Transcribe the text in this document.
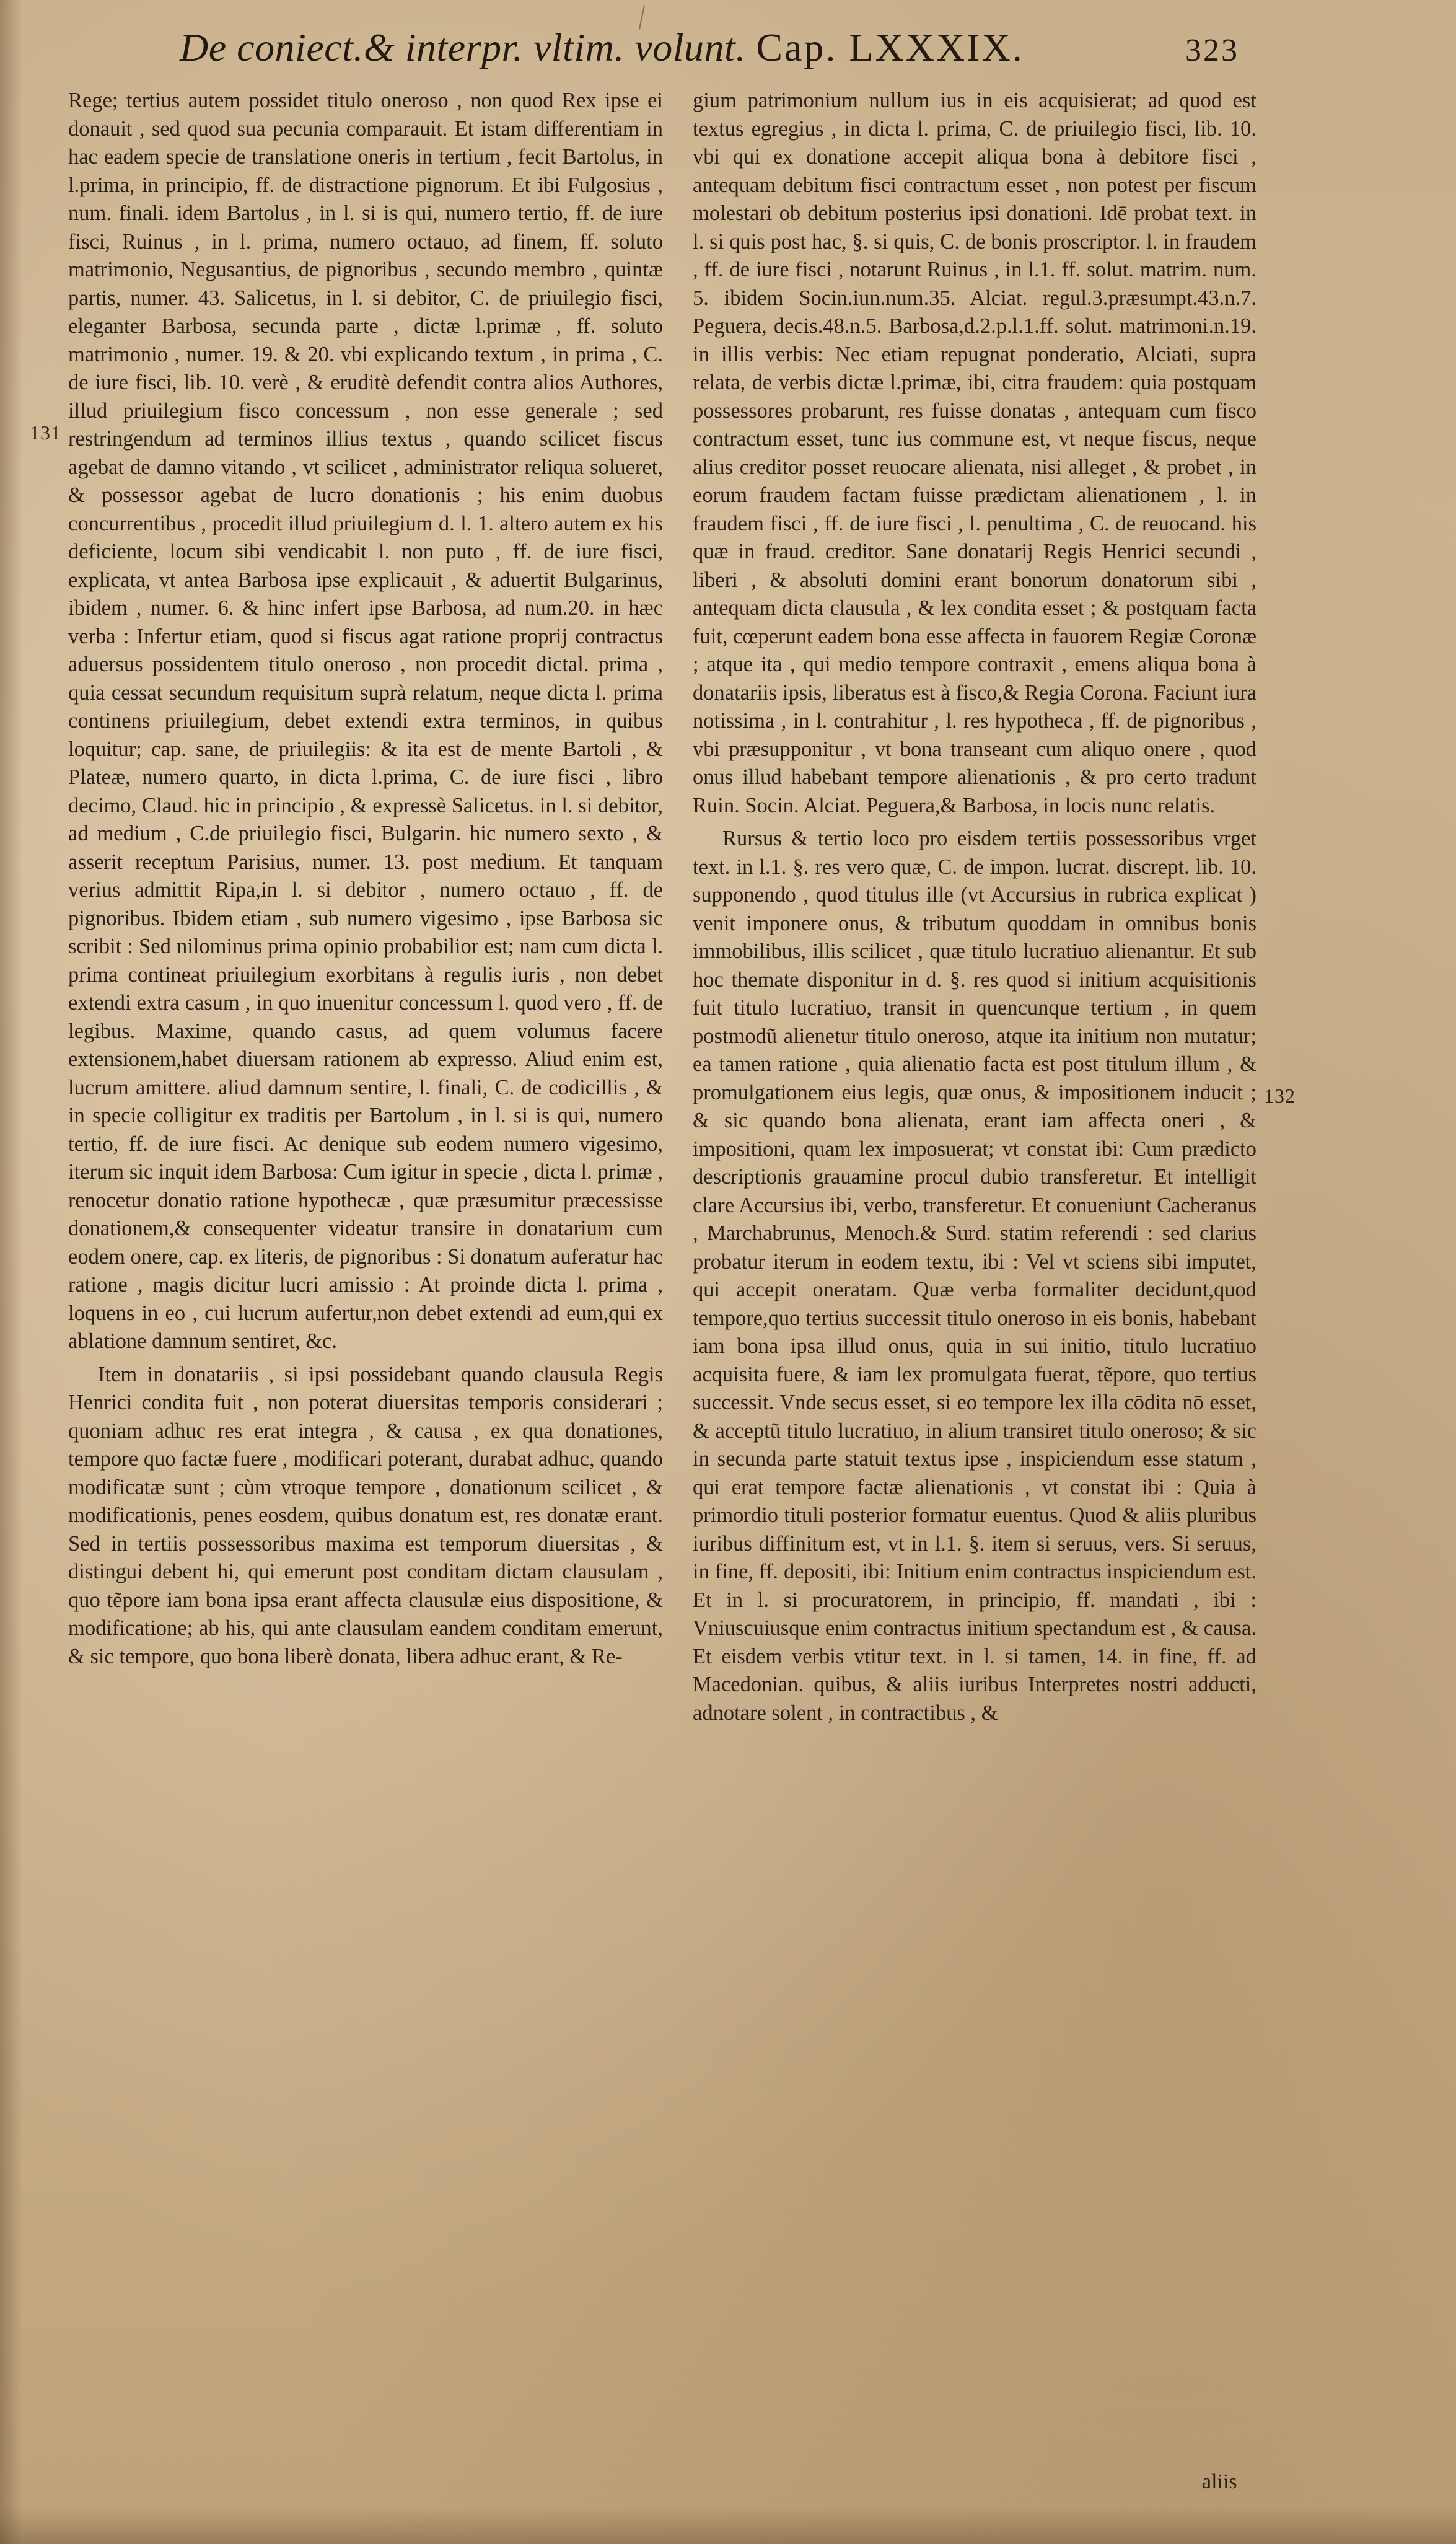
De coniect.& interpr. vltim. volunt. Cap. LXXXIX.	323
131
132

Rege; tertius autem possidet titulo oneroso , non quod Rex ipse ei donauit , sed quod sua pecunia comparauit. Et istam differentiam in hac eadem specie de translatione oneris in tertium , fecit Bartolus, in l.prima, in principio, ff. de distractione pignorum. Et ibi Fulgosius , num. finali. idem Bartolus , in l. si is qui, numero tertio, ff. de iure fisci, Ruinus , in l. prima, numero octauo, ad finem, ff. soluto matrimonio, Negusantius, de pignoribus , secundo membro , quintæ partis, numer. 43. Salicetus, in l. si debitor, C. de priuilegio fisci, eleganter Barbosa, secunda parte , dictæ l.primæ , ff. soluto matrimonio , numer. 19. & 20. vbi explicando textum , in prima , C. de iure fisci, lib. 10. verè , & eruditè defendit contra alios Authores, illud priuilegium fisco concessum , non esse generale ; sed restringendum ad terminos illius textus , quando scilicet fiscus agebat de damno vitando , vt scilicet , administrator reliqua solueret, & possessor agebat de lucro donationis ; his enim duobus concurrentibus , procedit illud priuilegium d. l. 1. altero autem ex his deficiente, locum sibi vendicabit l. non puto , ff. de iure fisci, explicata, vt antea Barbosa ipse explicauit , & aduertit Bulgarinus, ibidem , numer. 6. & hinc infert ipse Barbosa, ad num.20. in hæc verba : Infertur etiam, quod si fiscus agat ratione proprij contractus aduersus possidentem titulo oneroso , non procedit dictal. prima , quia cessat secundum requisitum suprà relatum, neque dicta l. prima continens priuilegium, debet extendi extra terminos, in quibus loquitur; cap. sane, de priuilegiis: & ita est de mente Bartoli , & Plateæ, numero quarto, in dicta l.prima, C. de iure fisci , libro decimo, Claud. hic in principio , & expressè Salicetus. in l. si debitor, ad medium , C.de priuilegio fisci, Bulgarin. hic numero sexto , & asserit receptum Parisius, numer. 13. post medium. Et tanquam verius admittit Ripa,in l. si debitor , numero octauo , ff. de pignoribus. Ibidem etiam , sub numero vigesimo , ipse Barbosa sic scribit : Sed nilominus prima opinio probabilior est; nam cum dicta l. prima contineat priuilegium exorbitans à regulis iuris , non debet extendi extra casum , in quo inuenitur concessum l. quod vero , ff. de legibus. Maxime, quando casus, ad quem volumus facere extensionem,habet diuersam rationem ab expresso. Aliud enim est, lucrum amittere. aliud damnum sentire, l. finali, C. de codicillis , & in specie colligitur ex traditis per Bartolum , in l. si is qui, numero tertio, ff. de iure fisci. Ac denique sub eodem numero vigesimo, iterum sic inquit idem Barbosa: Cum igitur in specie , dicta l. primæ , renocetur donatio ratione hypothecæ , quæ præsumitur præcessisse donationem,& consequenter videatur transire in donatarium cum eodem onere, cap. ex literis, de pignoribus : Si donatum auferatur hac ratione , magis dicitur lucri amissio : At proinde dicta l. prima , loquens in eo , cui lucrum aufertur,non debet extendi ad eum,qui ex ablatione damnum sentiret, &c.

Item in donatariis , si ipsi possidebant quando clausula Regis Henrici condita fuit , non poterat diuersitas temporis considerari ; quoniam adhuc res erat integra , & causa , ex qua donationes, tempore quo factæ fuere , modificari poterant, durabat adhuc, quando modificatæ sunt ; cùm vtroque tempore , donationum scilicet , & modificationis, penes eosdem, quibus donatum est, res donatæ erant. Sed in tertiis possessoribus maxima est temporum diuersitas , & distingui debent hi, qui emerunt post conditam dictam clausulam , quo tẽpore iam bona ipsa erant affecta clausulæ eius dispositione, & modificatione; ab his, qui ante clausulam eandem conditam emerunt, & sic tempore, quo bona liberè donata, libera adhuc erant, & Re-

gium patrimonium nullum ius in eis acquisierat; ad quod est textus egregius , in dicta l. prima, C. de priuilegio fisci, lib. 10. vbi qui ex donatione accepit aliqua bona à debitore fisci , antequam debitum fisci contractum esset , non potest per fiscum molestari ob debitum posterius ipsi donationi. Idē probat text. in l. si quis post hac, §. si quis, C. de bonis proscriptor. l. in fraudem , ff. de iure fisci , notarunt Ruinus , in l.1. ff. solut. matrim. num. 5. ibidem Socin.iun.num.35. Alciat. regul.3.præsumpt.43.n.7. Peguera, decis.48.n.5. Barbosa,d.2.p.l.1.ff. solut. matrimoni.n.19. in illis verbis: Nec etiam repugnat ponderatio, Alciati, supra relata, de verbis dictæ l.primæ, ibi, citra fraudem: quia postquam possessores probarunt, res fuisse donatas , antequam cum fisco contractum esset, tunc ius commune est, vt neque fiscus, neque alius creditor posset reuocare alienata, nisi alleget , & probet , in eorum fraudem factam fuisse prædictam alienationem , l. in fraudem fisci , ff. de iure fisci , l. penultima , C. de reuocand. his quæ in fraud. creditor. Sane donatarij Regis Henrici secundi , liberi , & absoluti domini erant bonorum donatorum sibi , antequam dicta clausula , & lex condita esset ; & postquam facta fuit, cœperunt eadem bona esse affecta in fauorem Regiæ Coronæ ; atque ita , qui medio tempore contraxit , emens aliqua bona à donatariis ipsis, liberatus est à fisco,& Regia Corona. Faciunt iura notissima , in l. contrahitur , l. res hypotheca , ff. de pignoribus , vbi præsupponitur , vt bona transeant cum aliquo onere , quod onus illud habebant tempore alienationis , & pro certo tradunt Ruin. Socin. Alciat. Peguera,& Barbosa, in locis nunc relatis.

Rursus & tertio loco pro eisdem tertiis possessoribus vrget text. in l.1. §. res vero quæ, C. de impon. lucrat. discrept. lib. 10. supponendo , quod titulus ille (vt Accursius in rubrica explicat ) venit imponere onus, & tributum quoddam in omnibus bonis immobilibus, illis scilicet , quæ titulo lucratiuo alienantur. Et sub hoc themate disponitur in d. §. res quod si initium acquisitionis fuit titulo lucratiuo, transit in quencunque tertium , in quem postmodũ alienetur titulo oneroso, atque ita initium non mutatur; ea tamen ratione , quia alienatio facta est post titulum illum , & promulgationem eius legis, quæ onus, & impositionem inducit ; & sic quando bona alienata, erant iam affecta oneri , & impositioni, quam lex imposuerat; vt constat ibi: Cum prædicto descriptionis grauamine procul dubio transferetur. Et intelligit clare Accursius ibi, verbo, transferetur. Et conueniunt Cacheranus , Marchabrunus, Menoch.& Surd. statim referendi : sed clarius probatur iterum in eodem textu, ibi : Vel vt sciens sibi imputet, qui accepit oneratam. Quæ verba formaliter decidunt,quod tempore,quo tertius successit titulo oneroso in eis bonis, habebant iam bona ipsa illud onus, quia in sui initio, titulo lucratiuo acquisita fuere, & iam lex promulgata fuerat, tẽpore, quo tertius successit. Vnde secus esset, si eo tempore lex illa cōdita nō esset, & acceptũ titulo lucratiuo, in alium transiret titulo oneroso; & sic in secunda parte statuit textus ipse , inspiciendum esse statum , qui erat tempore factæ alienationis , vt constat ibi : Quia à primordio tituli posterior formatur euentus. Quod & aliis pluribus iuribus diffinitum est, vt in l.1. §. item si seruus, vers. Si seruus, in fine, ff. depositi, ibi: Initium enim contractus inspiciendum est. Et in l. si procuratorem, in principio, ff. mandati , ibi : Vniuscuiusque enim contractus initium spectandum est , & causa. Et eisdem verbis vtitur text. in l. si tamen, 14. in fine, ff. ad Macedonian. quibus, & aliis iuribus Interpretes nostri adducti, adnotare solent , in contractibus , &

aliis
